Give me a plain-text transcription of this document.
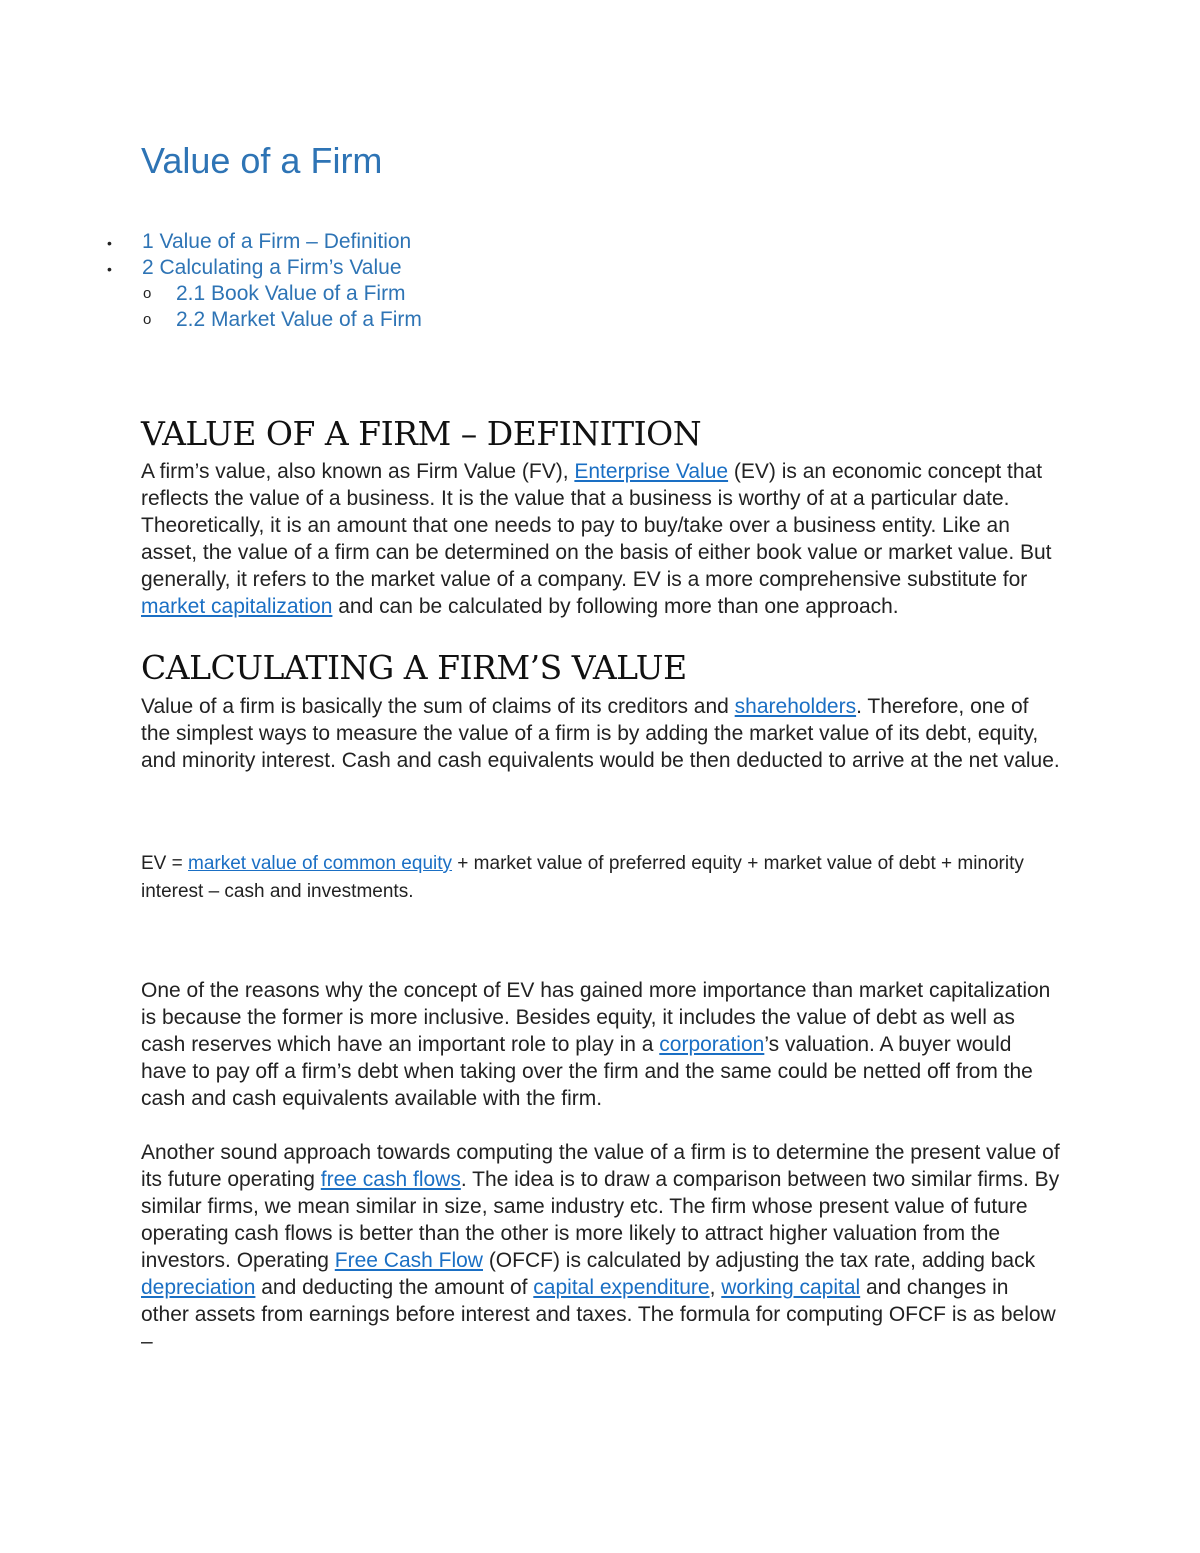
Value of a Firm
• 1 Value of a Firm – Definition
• 2 Calculating a Firm’s Value
o 2.1 Book Value of a Firm
o 2.2 Market Value of a Firm
VALUE OF A FIRM – DEFINITION

A firm’s value, also known as Firm Value (FV), Enterprise Value (EV) is an economic concept that reflects the value of a business. It is the value that a business is worthy of at a particular date. Theoretically, it is an amount that one needs to pay to buy/take over a business entity. Like an asset, the value of a firm can be determined on the basis of either book value or market value. But generally, it refers to the market value of a company. EV is a more comprehensive substitute for market capitalization and can be calculated by following more than one approach.

CALCULATING A FIRM’S VALUE

Value of a firm is basically the sum of claims of its creditors and shareholders. Therefore, one of the simplest ways to measure the value of a firm is by adding the market value of its debt, equity, and minority interest. Cash and cash equivalents would be then deducted to arrive at the net value.

EV = market value of common equity + market value of preferred equity + market value of debt + minority interest – cash and investments.

One of the reasons why the concept of EV has gained more importance than market capitalization is because the former is more inclusive. Besides equity, it includes the value of debt as well as cash reserves which have an important role to play in a corporation’s valuation. A buyer would have to pay off a firm’s debt when taking over the firm and the same could be netted off from the cash and cash equivalents available with the firm.

Another sound approach towards computing the value of a firm is to determine the present value of its future operating free cash flows. The idea is to draw a comparison between two similar firms. By similar firms, we mean similar in size, same industry etc. The firm whose present value of future operating cash flows is better than the other is more likely to attract higher valuation from the investors. Operating Free Cash Flow (OFCF) is calculated by adjusting the tax rate, adding back depreciation and deducting the amount of capital expenditure, working capital and changes in other assets from earnings before interest and taxes. The formula for computing OFCF is as below –
